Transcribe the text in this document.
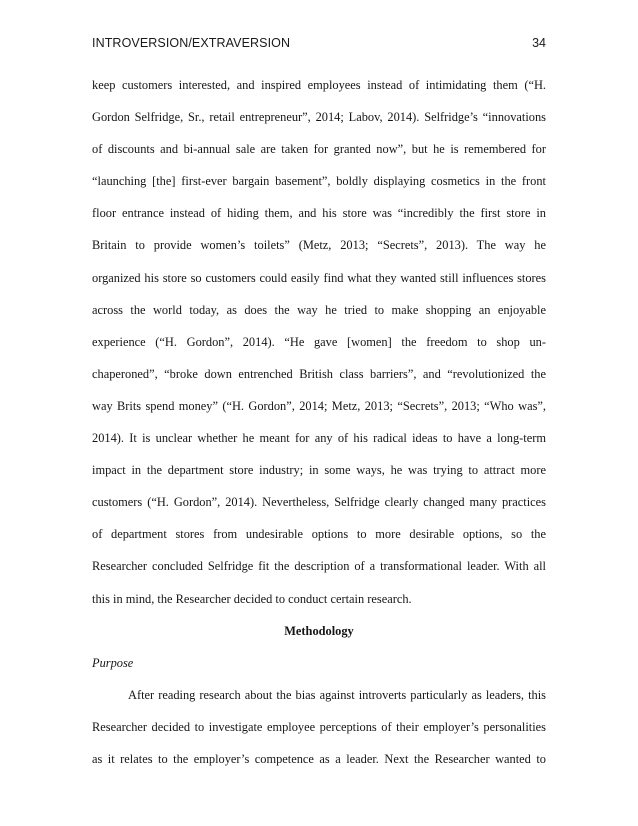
INTROVERSION/EXTRAVERSION	34
keep customers interested, and inspired employees instead of intimidating them (“H.
Gordon Selfridge, Sr., retail entrepreneur”, 2014; Labov, 2014). Selfridge’s “innovations
of discounts and bi-annual sale are taken for granted now”, but he is remembered for
“launching [the] first-ever bargain basement”, boldly displaying cosmetics in the front
floor entrance instead of hiding them, and his store was “incredibly the first store in
Britain to provide women’s toilets” (Metz, 2013; “Secrets”, 2013). The way he
organized his store so customers could easily find what they wanted still influences stores
across the world today, as does the way he tried to make shopping an enjoyable
experience (“H. Gordon”, 2014). “He gave [women] the freedom to shop un-
chaperoned”, “broke down entrenched British class barriers”, and “revolutionized the
way Brits spend money” (“H. Gordon”, 2014; Metz, 2013; “Secrets”, 2013; “Who was”,
2014). It is unclear whether he meant for any of his radical ideas to have a long-term
impact in the department store industry; in some ways, he was trying to attract more
customers (“H. Gordon”, 2014). Nevertheless, Selfridge clearly changed many practices
of department stores from undesirable options to more desirable options, so the
Researcher concluded Selfridge fit the description of a transformational leader. With all
this in mind, the Researcher decided to conduct certain research.
Methodology
Purpose
After reading research about the bias against introverts particularly as leaders, this
Researcher decided to investigate employee perceptions of their employer’s personalities
as it relates to the employer’s competence as a leader. Next the Researcher wanted to
